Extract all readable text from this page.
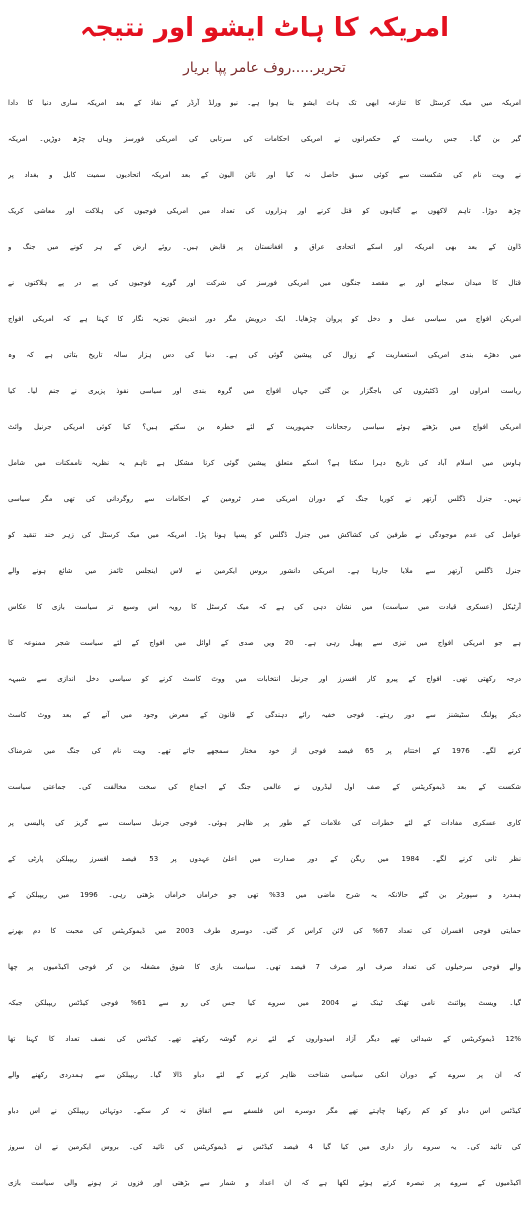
امریکہ کا ہاٹ ایشو اور نتیجہ
تحریر.....روف عامر پپا بریار
امریکہ میں میک کرسٹل کا تنازعہ ابھی تک ہاٹ ایشو بنا ہوا ہے۔ نیو ورلڈ آرڈر کے نفاذ کے بعد امریکہ ساری دنیا کا دادا
گیر بن گیا۔ جس ریاست کے حکمرانوں نے امریکی احکامات کی سرتابی کی امریکی فورسز وہاں چڑھ دوڑیں۔ امریکہ
نے ویت نام کی شکست سے کوئی سبق حاصل نہ کیا اور نائن الیون کے بعد امریکہ اتحادیوں سمیت کابل و بغداد پر
چڑھ دوڑا۔ تاہم لاکھوں بے گناہوں کو قتل کرنے اور ہزاروں کی تعداد میں امریکی فوجیوں کی ہلاکت اور معاشی کریک
ڈاون کے بعد بھی امریکہ اور اسکے اتحادی عراق و افغانستان پر قابض ہیں۔ روئے ارض کے ہر کونے میں جنگ و
قتال کا میدان سجانے اور بے مقصد جنگوں میں امریکی فورسز کی شرکت اور گورے فوجیوں کی پے در پے ہلاکتوں نے
امریکن افواج میں سیاسی عمل و دخل کو پروان چڑھایا۔ ایک درویش مگر دور اندیش تجزیہ نگار کا کہنا ہے کہ امریکی افواج
میں دھڑے بندی امریکی استعماریت کے زوال کی پیشین گوئی کی ہے۔ دنیا کی دس ہزار سالہ تاریخ بتاتی ہے کہ وہ
ریاست امراوں اور ڈکٹیٹروں کی باجگزار بن گئی جہاں افواج میں گروہ بندی اور سیاسی نفوذ پزیری نے جنم لیا۔ کیا
امریکی افواج میں بڑھتے ہوئے سیاسی رجحانات جمہوریت کے لئے خطرہ بن سکتے ہیں؟ کیا کوئی امریکی جرنیل وائٹ
ہاوس میں اسلام آباد کی تاریخ دہرا سکتا ہے؟ اسکے متعلق پیشین گوئی کرنا مشکل ہے تاہم یہ نظریہ ناممکنات میں شامل
نہیں۔ جنرل ڈگلس آرتھر نے کوریا جنگ کے دوران امریکی صدر ٹرومین کے احکامات سے روگردانی کی تھی مگر سیاسی
عوامل کی عدم موجودگی نے طرفین کی کشاکش میں جنرل ڈگلس کو پسپا ہونا پڑا۔ امریکہ میں میک کرسٹل کی زہر خند تنقید کو
جنرل ڈگلس آرتھر سے ملایا جارہا ہے۔ امریکی دانشور بروس ایکرمین نے لاس اینجلس ٹائمز میں شائع ہونے والے
آرٹیکل (عسکری قیادت میں سیاست) میں نشان دہی کی ہے کہ میک کرسٹل کا رویہ اس وسیع تر سیاست بازی کا عکاس
ہے جو امریکی افواج میں تیزی سے پھیل رہی ہے۔ 20 ویں صدی کے اوائل میں افواج کے لئے سیاست شجر ممنوعہ کا
درجہ رکھتی تھی۔ افواج کے پیرو کار افسرز اور جرنیل انتخابات میں ووٹ کاسٹ کرنے کو سیاسی دخل اندازی سے شبیہہ
دیکر پولنگ سٹیشنز سے دور رہتے۔ فوجی خفیہ رائے دہندگی کے قانون کے معرض وجود میں آنے کے بعد ووٹ کاسٹ
کرنے لگے۔ 1976 کے اختتام پر 65 فیصد فوجی از خود مختار سمجھے جاتے تھے۔ ویت نام کی جنگ میں شرمناک
شکست کے بعد ڈیموکریٹس کے صف اول لیڈروں نے عالمی جنگ کے اجماع کی سخت مخالفت کی۔ جماعتی سیاست
کاری عسکری مفادات کے لئے خطرات کی علامات کے طور پر ظاہر ہوئی۔ فوجی جرنیل سیاست سے گریز کی پالیسی پر
نظر ثانی کرنے لگے۔ 1984 میں ریگن کے دور صدارت میں اعلیٰ عہدوں پر 53 فیصد افسرز ریپبلکن پارٹی کے
ہمدرد و سپورٹر بن گئے حالانکہ یہ شرح ماضی میں 33% تھی جو خراماں خراماں بڑھتی رہی۔ 1996 میں ریپبلکن کے
حمایتی فوجی افسران کی تعداد 67% کی لائن کراس کر گئی۔ دوسری طرف 2003 میں ڈیموکریٹس کی محبت کا دم بھرنے
والے فوجی سرخیلوں کی تعداد صرف اور صرف 7 فیصد تھی۔ سیاست بازی کا شوق مشغلہ بن کر فوجی اکیڈمیوں پر چھا
گیا۔ ویسٹ پوائنٹ نامی تھنک ٹینک نے 2004 میں سروے کیا جس کی رو سے 61% فوجی کیڈٹس ریپبلکن جبکہ
12% ڈیموکریٹس کے شیدائی تھے دیگر آزاد امیدواروں کے لئے نرم گوشہ رکھتے تھے۔ کیڈٹس کی نصف تعداد کا کہنا تھا
کہ ان پر سروے کے دوران انکی سیاسی شناخت ظاہر کرنے کے لئے دباو ڈالا گیا۔ ریپبلکن سے ہمدردی رکھنے والے
کیڈٹس اس دباو کو کم رکھنا چاہتے تھے مگر دوسرے اس فلسفے سے اتفاق نہ کر سکے۔ دوتہائی ریپبلکن نے اس دباو
کی تائید کی۔ یہ سروے راز داری میں کیا گیا 4 فیصد کیڈٹس نے ڈیموکریٹس کی تائید کی۔ بروس ایکرمین نے ان سروز
اکیڈمیوں کے سروے پر تبصرہ کرتے ہوئے لکھا ہے کہ ان اعداد و شمار سے بڑھتی اور فزوں تر ہونے والی سیاست بازی
